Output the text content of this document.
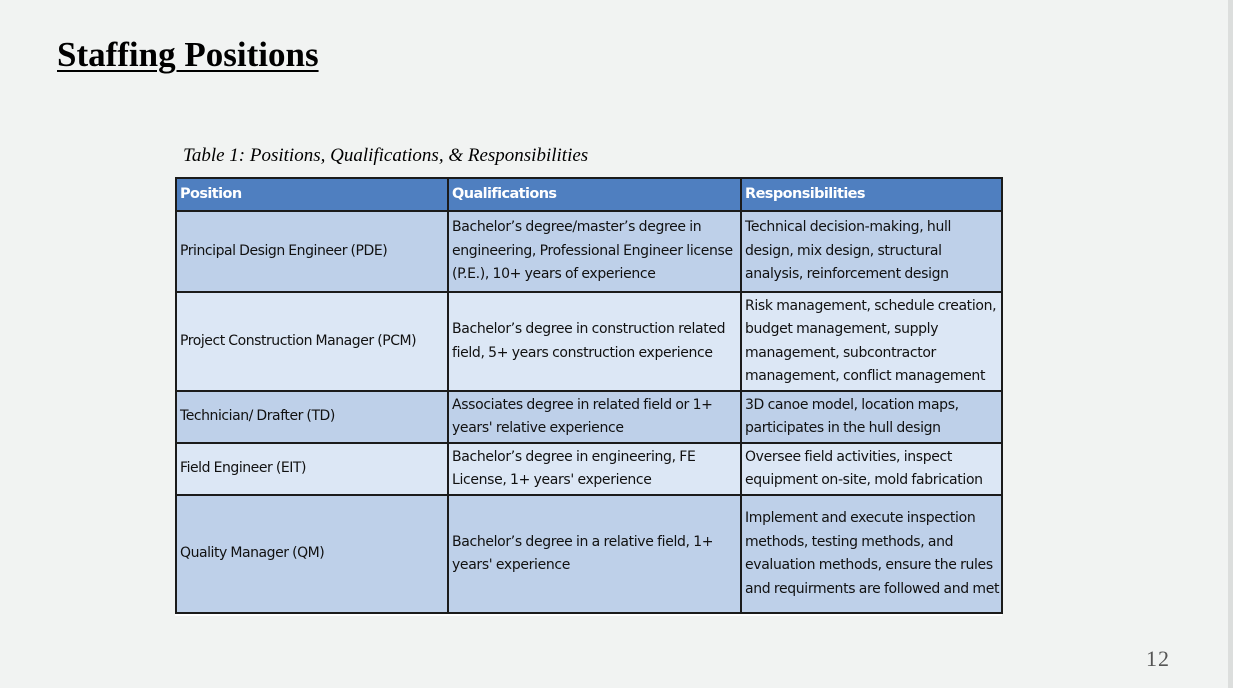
Staffing Positions
Table 1: Positions, Qualifications, & Responsibilities
Position	Qualifications	Responsibilities
Principal Design Engineer (PDE)	Bachelor’s degree/master’s degree in engineering, Professional Engineer license (P.E.), 10+ years of experience	Technical decision-making, hull design, mix design, structural analysis, reinforcement design
Project Construction Manager (PCM)	Bachelor’s degree in construction related field, 5+ years construction experience	Risk management, schedule creation, budget management, supply management, subcontractor management, conflict management
Technician/ Drafter (TD)	Associates degree in related field or 1+ years' relative experience	3D canoe model, location maps, participates in the hull design
Field Engineer (EIT)	Bachelor’s degree in engineering, FE License, 1+ years' experience	Oversee field activities, inspect equipment on-site, mold fabrication
Quality Manager (QM)	Bachelor’s degree in a relative field, 1+ years' experience	Implement and execute inspection methods, testing methods, and evaluation methods, ensure the rules and requirments are followed and met
12
